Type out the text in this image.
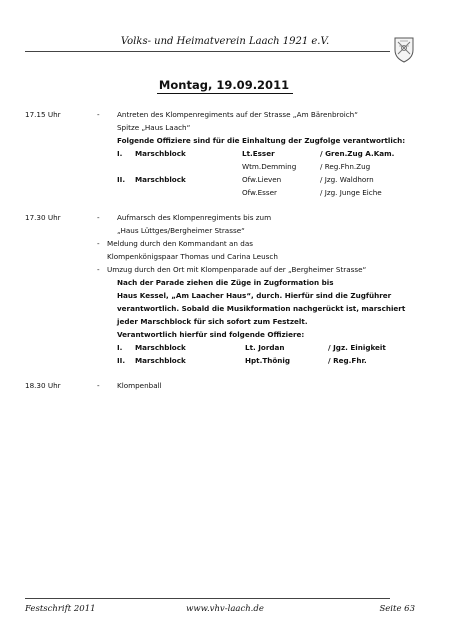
Volks- und Heimatverein Laach 1921 e.V.
Montag, 19.09.2011
17.15 Uhr	- Antreten des Klompenregiments auf der Strasse „Am Bärenbroich“
Spitze „Haus Laach“
Folgende Offiziere sind für die Einhaltung der Zugfolge verantwortlich:
I. Marschblock	Lt.Esser	/ Gren.Zug A.Kam.
Wtm.Demming	/ Reg.Fhn.Zug
II. Marschblock	Ofw.Lieven	/ Jzg. Waldhorn
Ofw.Esser	/ Jzg. Junge Eiche
17.30 Uhr	- Aufmarsch des Klompenregiments bis zum
„Haus Lüttges/Bergheimer Strasse“
- Meldung durch den Kommandant an das
Klompenkönigspaar Thomas und Carina Leusch
- Umzug durch den Ort mit Klompenparade auf der „Bergheimer Strasse“
Nach der Parade ziehen die Züge in Zugformation bis
Haus Kessel, „Am Laacher Haus“, durch. Hierfür sind die Zugführer
verantwortlich. Sobald die Musikformation nachgerückt ist, marschiert
jeder Marschblock für sich sofort zum Festzelt.
Verantwortlich hierfür sind folgende Offiziere:
I. Marschblock	Lt. Jordan	/ Jgz. Einigkeit
II. Marschblock	Hpt.Thönig	/ Reg.Fhr.
18.30 Uhr	- Klompenball
Festschrift 2011	www.vhv-laach.de	Seite 63
